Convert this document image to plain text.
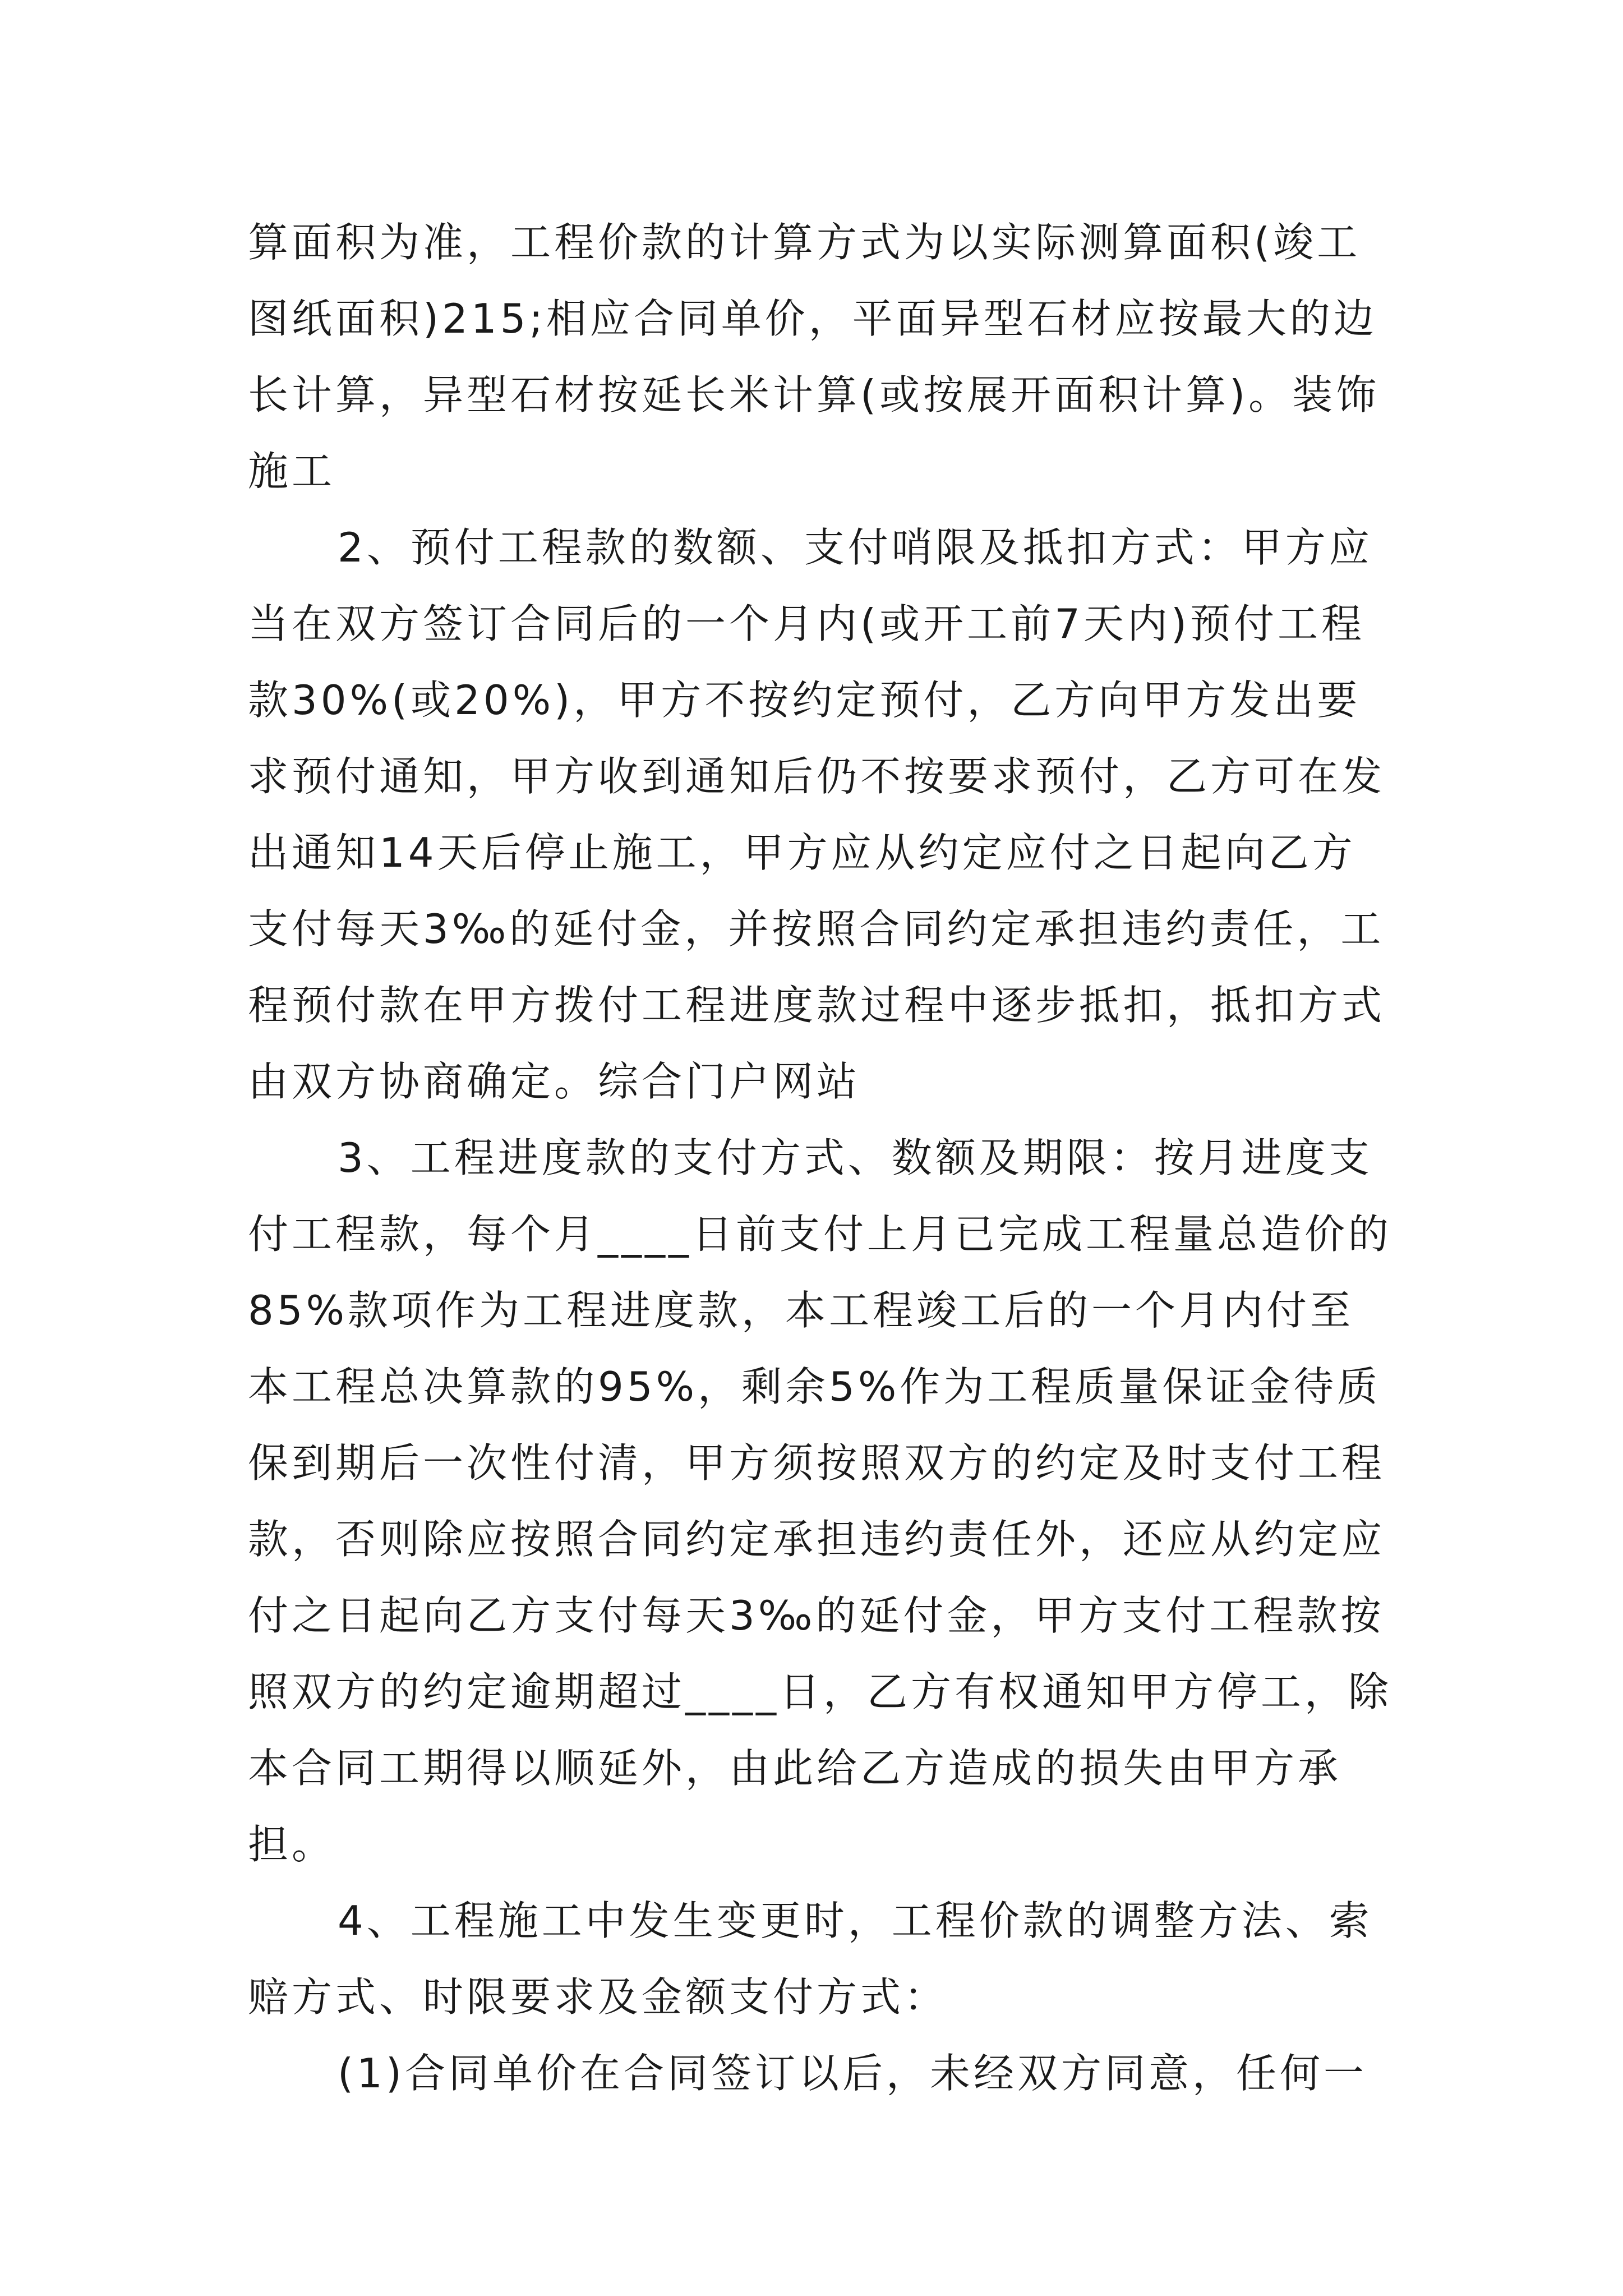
算面积为准，工程价款的计算方式为以实际测算面积(竣工图纸面积)215;相应合同单价，平面异型石材应按最大的边长计算，异型石材按延长米计算(或按展开面积计算)。装饰施工

2、预付工程款的数额、支付哨限及抵扣方式：甲方应当在双方签订合同后的一个月内(或开工前7天内)预付工程款30%(或20%)，甲方不按约定预付，乙方向甲方发出要求预付通知，甲方收到通知后仍不按要求预付，乙方可在发出通知14天后停止施工，甲方应从约定应付之日起向乙方支付每天3‰的延付金，并按照合同约定承担违约责任，工程预付款在甲方拨付工程进度款过程中逐步抵扣，抵扣方式由双方协商确定。综合门户网站

3、工程进度款的支付方式、数额及期限：按月进度支付工程款，每个月____日前支付上月已完成工程量总造价的85%款项作为工程进度款，本工程竣工后的一个月内付至本工程总决算款的95%，剩余5%作为工程质量保证金待质保到期后一次性付清，甲方须按照双方的约定及时支付工程款，否则除应按照合同约定承担违约责任外，还应从约定应付之日起向乙方支付每天3‰的延付金，甲方支付工程款按照双方的约定逾期超过____日，乙方有权通知甲方停工，除本合同工期得以顺延外，由此给乙方造成的损失由甲方承担。

4、工程施工中发生变更时，工程价款的调整方法、索赔方式、时限要求及金额支付方式：

(1)合同单价在合同签订以后，未经双方同意，任何一
